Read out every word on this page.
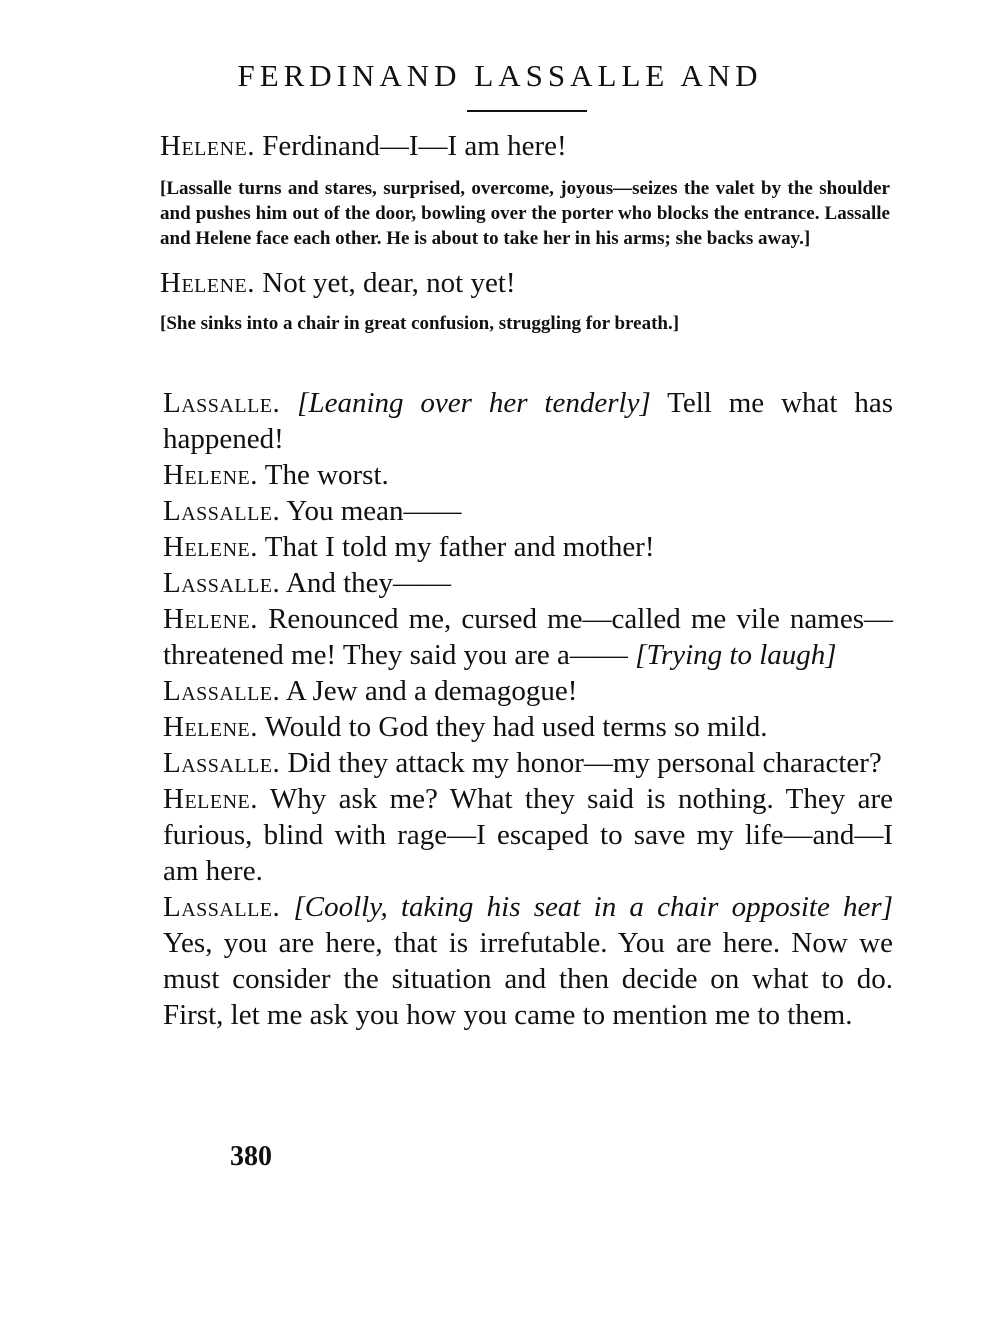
FERDINAND LASSALLE AND

Helene. Ferdinand—I—I am here!

[Lassalle turns and stares, surprised, overcome, joyous—seizes the valet by the shoulder and pushes him out of the door, bowling over the porter who blocks the entrance. Lassalle and Helene face each other. He is about to take her in his arms; she backs away.]

Helene. Not yet, dear, not yet!

[She sinks into a chair in great confusion, struggling for breath.]

Lassalle. [Leaning over her tenderly] Tell me what has happened!

Helene. The worst.

Lassalle. You mean——

Helene. That I told my father and mother!

Lassalle. And they——

Helene. Renounced me, cursed me—called me vile names—threatened me! They said you are a—— [Trying to laugh]

Lassalle. A Jew and a demagogue!

Helene. Would to God they had used terms so mild.

Lassalle. Did they attack my honor—my personal character?

Helene. Why ask me? What they said is nothing. They are furious, blind with rage—I escaped to save my life—and—I am here.

Lassalle. [Coolly, taking his seat in a chair opposite her] Yes, you are here, that is irrefutable. You are here. Now we must consider the situation and then decide on what to do. First, let me ask you how you came to mention me to them.

380
